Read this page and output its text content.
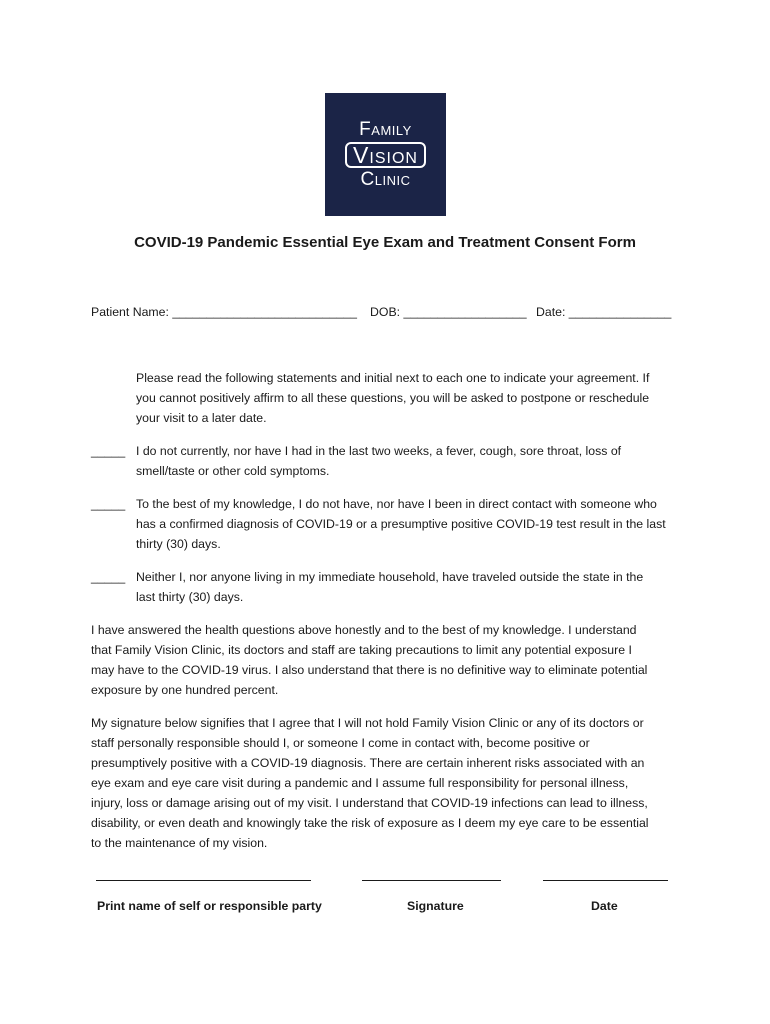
Family
Vision
Clinic
COVID-19 Pandemic Essential Eye Exam and Treatment Consent Form
Patient Name: ___________________________ DOB: __________________ Date: _______________
Please read the following statements and initial next to each one to indicate your agreement. If
you cannot positively affirm to all these questions, you will be asked to postpone or reschedule
your visit to a later date.
_____ I do not currently, nor have I had in the last two weeks, a fever, cough, sore throat, loss of
smell/taste or other cold symptoms.
_____ To the best of my knowledge, I do not have, nor have I been in direct contact with someone who
has a confirmed diagnosis of COVID-19 or a presumptive positive COVID-19 test result in the last
thirty (30) days.
_____ Neither I, nor anyone living in my immediate household, have traveled outside the state in the
last thirty (30) days.
I have answered the health questions above honestly and to the best of my knowledge. I understand
that Family Vision Clinic, its doctors and staff are taking precautions to limit any potential exposure I
may have to the COVID-19 virus. I also understand that there is no definitive way to eliminate potential
exposure by one hundred percent.
My signature below signifies that I agree that I will not hold Family Vision Clinic or any of its doctors or
staff personally responsible should I, or someone I come in contact with, become positive or
presumptively positive with a COVID-19 diagnosis. There are certain inherent risks associated with an
eye exam and eye care visit during a pandemic and I assume full responsibility for personal illness,
injury, loss or damage arising out of my visit. I understand that COVID-19 infections can lead to illness,
disability, or even death and knowingly take the risk of exposure as I deem my eye care to be essential
to the maintenance of my vision.
Print name of self or responsible party	Signature	Date
